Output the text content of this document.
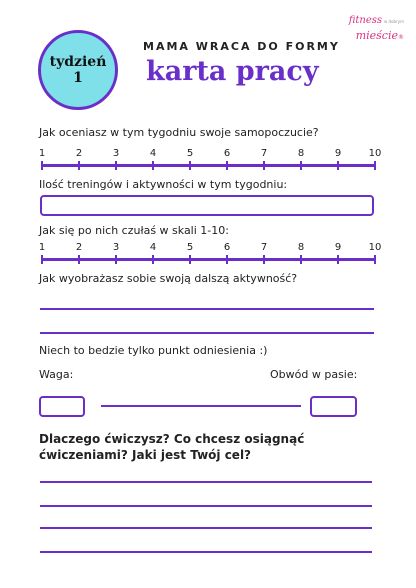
fitness w dobrym
mieście®
tydzień
1
MAMA WRACA DO FORMY
karta pracy
Jak oceniasz w tym tygodniu swoje samopoczucie?
1	2	3	4	5	6	7	8	9	10
Ilość treningów i aktywności w tym tygodniu:
Jak się po nich czułaś w skali 1-10:
1	2	3	4	5	6	7	8	9	10
Jak wyobrażasz sobie swoją dalszą aktywność?
Niech to bedzie tylko punkt odniesienia :)
Waga:	Obwód w pasie:
Dlaczego ćwiczysz? Co chcesz osiągnąć ćwiczeniami? Jaki jest Twój cel?
